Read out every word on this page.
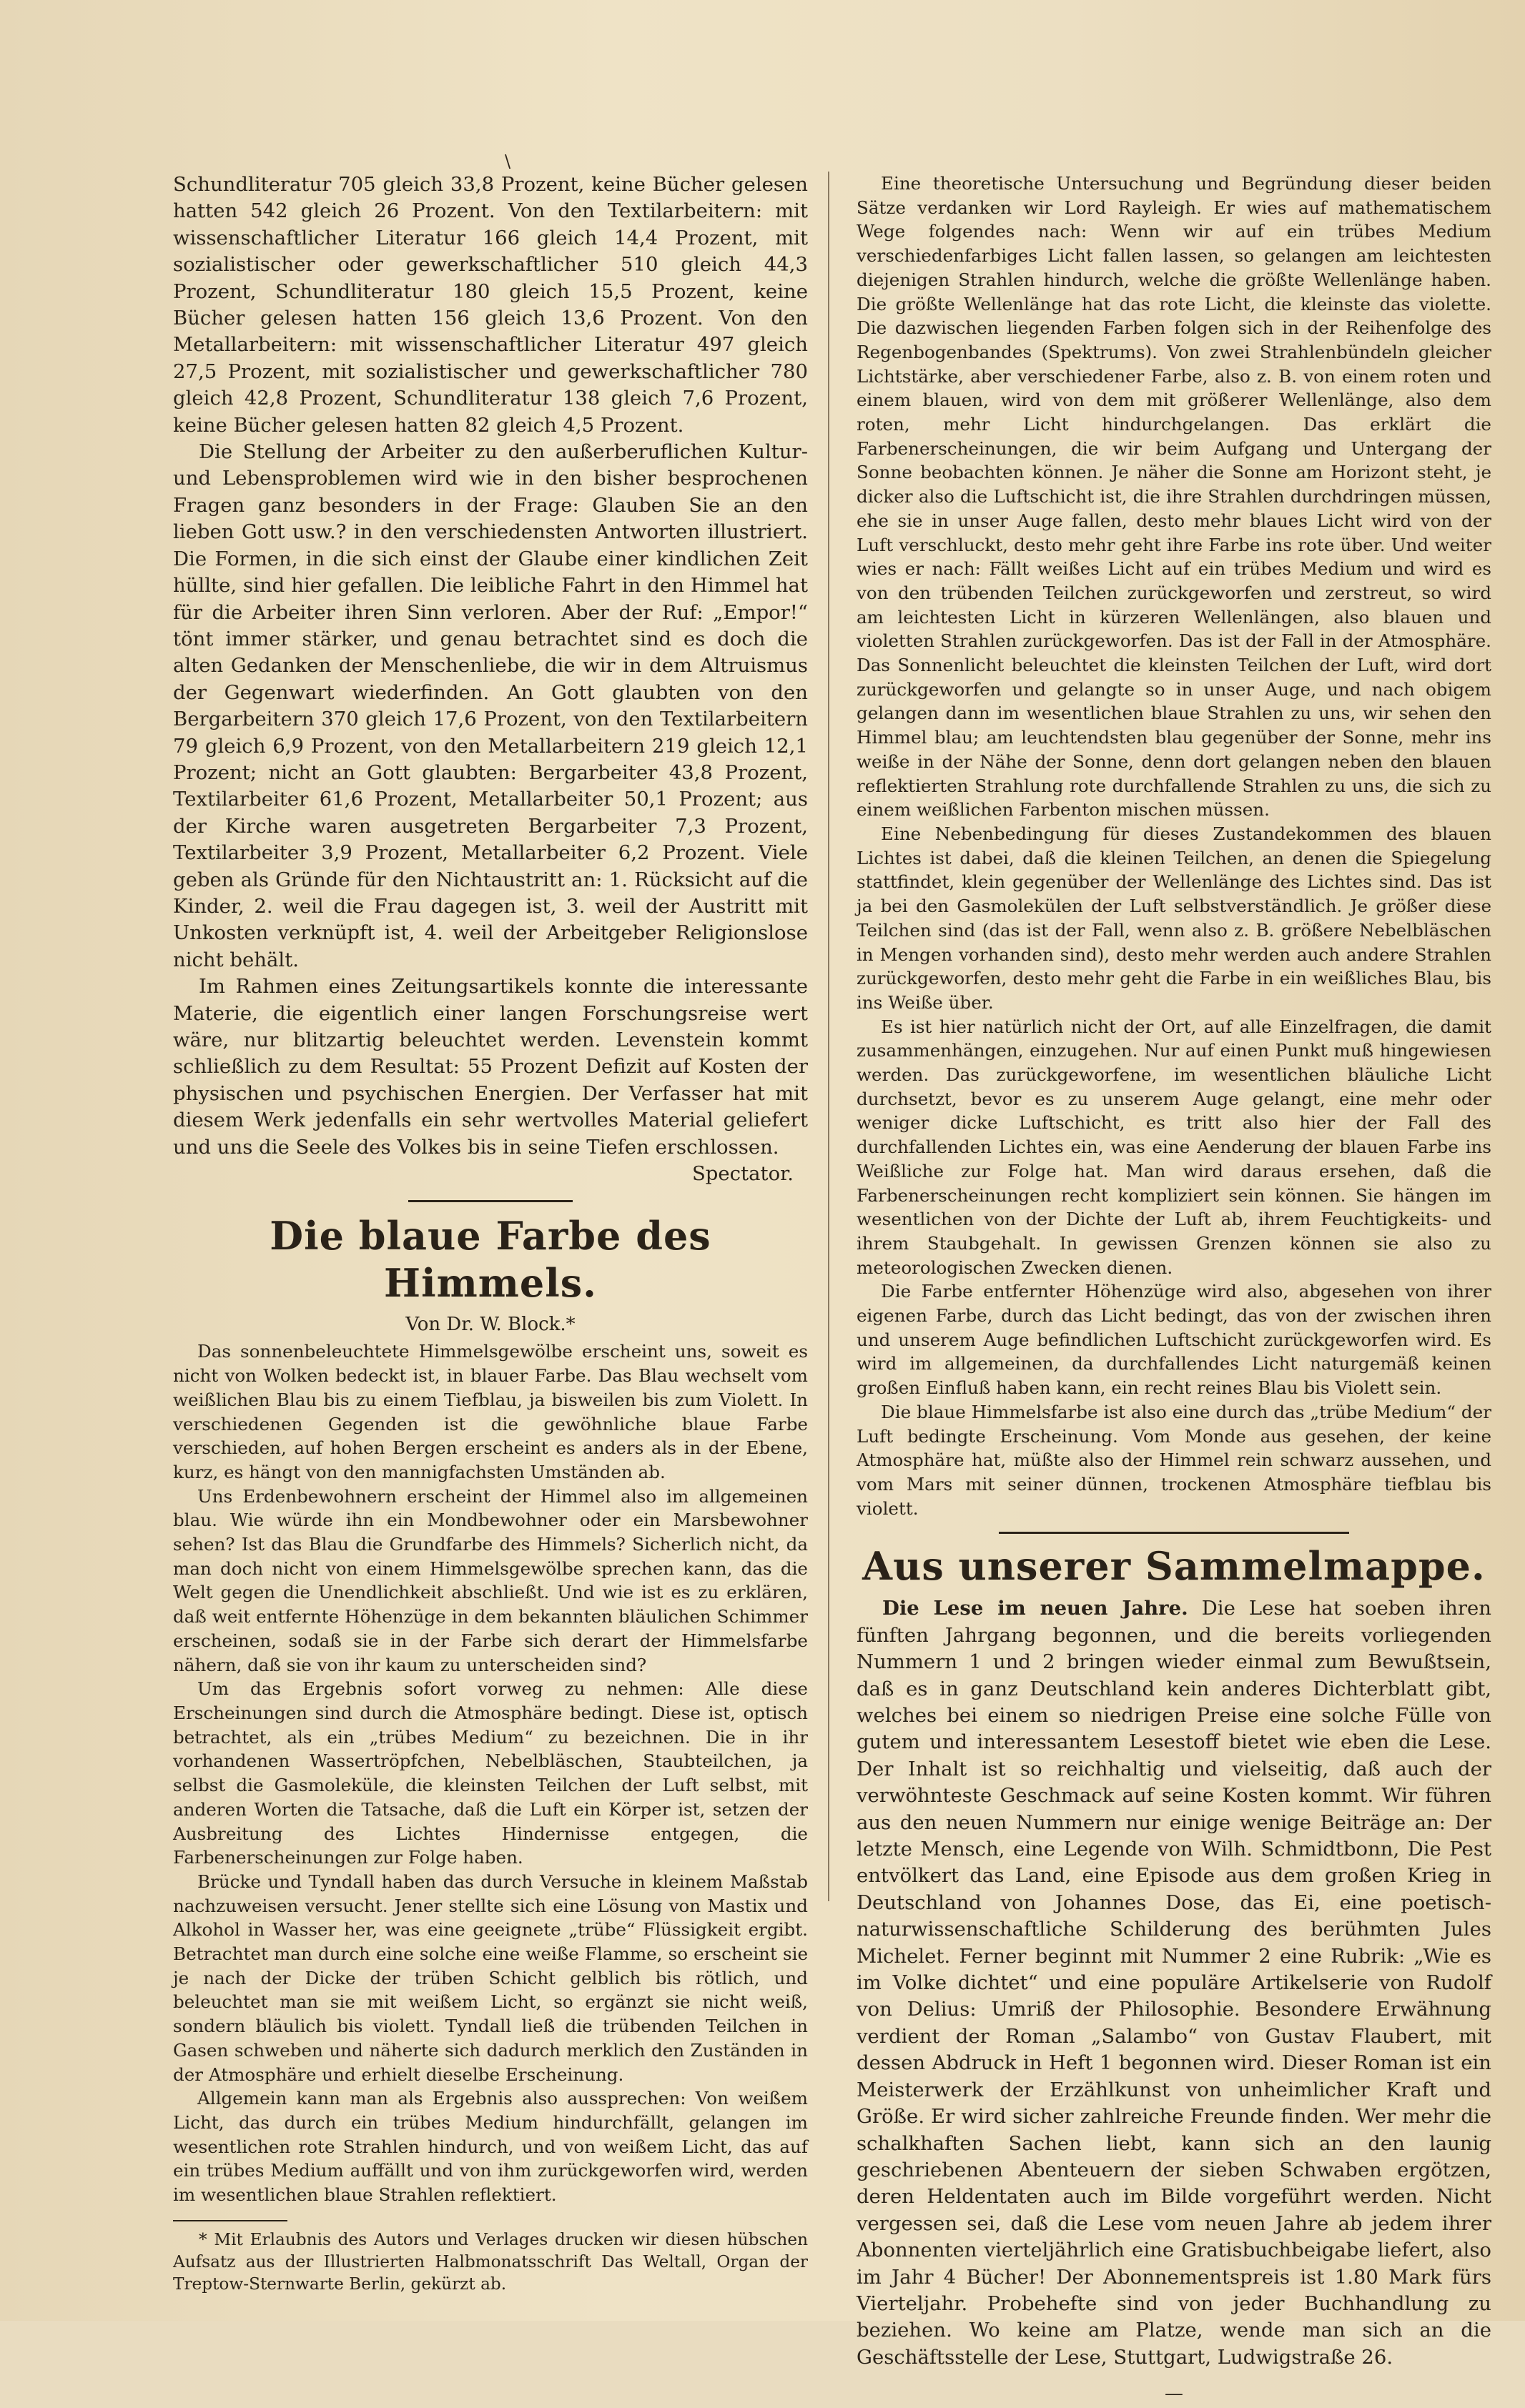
\

Schundliteratur 705 gleich 33,8 Prozent, keine Bücher gelesen hatten 542 gleich 26 Prozent. Von den Textilarbeitern: mit wissenschaftlicher Literatur 166 gleich 14,4 Prozent, mit sozialistischer oder gewerkschaftlicher 510 gleich 44,3 Prozent, Schundliteratur 180 gleich 15,5 Prozent, keine Bücher gelesen hatten 156 gleich 13,6 Prozent. Von den Metallarbeitern: mit wissenschaftlicher Literatur 497 gleich 27,5 Prozent, mit sozialistischer und gewerkschaftlicher 780 gleich 42,8 Prozent, Schundliteratur 138 gleich 7,6 Prozent, keine Bücher gelesen hatten 82 gleich 4,5 Prozent.

Die Stellung der Arbeiter zu den außerberuflichen Kultur- und Lebensproblemen wird wie in den bisher besprochenen Fragen ganz besonders in der Frage: Glauben Sie an den lieben Gott usw.? in den verschiedensten Antworten illustriert. Die Formen, in die sich einst der Glaube einer kindlichen Zeit hüllte, sind hier gefallen. Die leibliche Fahrt in den Himmel hat für die Arbeiter ihren Sinn verloren. Aber der Ruf: „Empor!“ tönt immer stärker, und genau betrachtet sind es doch die alten Gedanken der Menschenliebe, die wir in dem Altruismus der Gegenwart wiederfinden. An Gott glaubten von den Bergarbeitern 370 gleich 17,6 Prozent, von den Textilarbeitern 79 gleich 6,9 Prozent, von den Metallarbeitern 219 gleich 12,1 Prozent; nicht an Gott glaubten: Bergarbeiter 43,8 Prozent, Textilarbeiter 61,6 Prozent, Metallarbeiter 50,1 Prozent; aus der Kirche waren ausgetreten Bergarbeiter 7,3 Prozent, Textilarbeiter 3,9 Prozent, Metallarbeiter 6,2 Prozent. Viele geben als Gründe für den Nichtaustritt an: 1. Rücksicht auf die Kinder, 2. weil die Frau dagegen ist, 3. weil der Austritt mit Unkosten verknüpft ist, 4. weil der Arbeitgeber Religionslose nicht behält.

Im Rahmen eines Zeitungsartikels konnte die interessante Materie, die eigentlich einer langen Forschungsreise wert wäre, nur blitzartig beleuchtet werden. Levenstein kommt schließlich zu dem Resultat: 55 Prozent Defizit auf Kosten der physischen und psychischen Energien. Der Verfasser hat mit diesem Werk jedenfalls ein sehr wertvolles Material geliefert und uns die Seele des Volkes bis in seine Tiefen erschlossen.

Spectator.
Die blaue Farbe des Himmels.
Von Dr. W. Block.*

Das sonnenbeleuchtete Himmelsgewölbe erscheint uns, soweit es nicht von Wolken bedeckt ist, in blauer Farbe. Das Blau wechselt vom weißlichen Blau bis zu einem Tiefblau, ja bisweilen bis zum Violett. In verschiedenen Gegenden ist die gewöhnliche blaue Farbe verschieden, auf hohen Bergen erscheint es anders als in der Ebene, kurz, es hängt von den mannigfachsten Umständen ab.

Uns Erdenbewohnern erscheint der Himmel also im allgemeinen blau. Wie würde ihn ein Mondbewohner oder ein Marsbewohner sehen? Ist das Blau die Grundfarbe des Himmels? Sicherlich nicht, da man doch nicht von einem Himmelsgewölbe sprechen kann, das die Welt gegen die Unendlichkeit abschließt. Und wie ist es zu erklären, daß weit entfernte Höhenzüge in dem bekannten bläulichen Schimmer erscheinen, sodaß sie in der Farbe sich derart der Himmelsfarbe nähern, daß sie von ihr kaum zu unterscheiden sind?

Um das Ergebnis sofort vorweg zu nehmen: Alle diese Erscheinungen sind durch die Atmosphäre bedingt. Diese ist, optisch betrachtet, als ein „trübes Medium“ zu bezeichnen. Die in ihr vorhandenen Wassertröpfchen, Nebelbläschen, Staubteilchen, ja selbst die Gasmoleküle, die kleinsten Teilchen der Luft selbst, mit anderen Worten die Tatsache, daß die Luft ein Körper ist, setzen der Ausbreitung des Lichtes Hindernisse entgegen, die Farbenerscheinungen zur Folge haben.

Brücke und Tyndall haben das durch Versuche in kleinem Maßstab nachzuweisen versucht. Jener stellte sich eine Lösung von Mastix und Alkohol in Wasser her, was eine geeignete „trübe“ Flüssigkeit ergibt. Betrachtet man durch eine solche eine weiße Flamme, so erscheint sie je nach der Dicke der trüben Schicht gelblich bis rötlich, und beleuchtet man sie mit weißem Licht, so ergänzt sie nicht weiß, sondern bläulich bis violett. Tyndall ließ die trübenden Teilchen in Gasen schweben und näherte sich dadurch merklich den Zuständen in der Atmosphäre und erhielt dieselbe Erscheinung.

Allgemein kann man als Ergebnis also aussprechen: Von weißem Licht, das durch ein trübes Medium hindurchfällt, gelangen im wesentlichen rote Strahlen hindurch, und von weißem Licht, das auf ein trübes Medium auffällt und von ihm zurückgeworfen wird, werden im wesentlichen blaue Strahlen reflektiert.

* Mit Erlaubnis des Autors und Verlages drucken wir diesen hübschen Aufsatz aus der Illustrierten Halbmonatsschrift Das Weltall, Organ der Treptow-Sternwarte Berlin, gekürzt ab.

Eine theoretische Untersuchung und Begründung dieser beiden Sätze verdanken wir Lord Rayleigh. Er wies auf mathematischem Wege folgendes nach: Wenn wir auf ein trübes Medium verschiedenfarbiges Licht fallen lassen, so gelangen am leichtesten diejenigen Strahlen hindurch, welche die größte Wellenlänge haben. Die größte Wellenlänge hat das rote Licht, die kleinste das violette. Die dazwischen liegenden Farben folgen sich in der Reihenfolge des Regenbogenbandes (Spektrums). Von zwei Strahlenbündeln gleicher Lichtstärke, aber verschiedener Farbe, also z. B. von einem roten und einem blauen, wird von dem mit größerer Wellenlänge, also dem roten, mehr Licht hindurchgelangen. Das erklärt die Farbenerscheinungen, die wir beim Aufgang und Untergang der Sonne beobachten können. Je näher die Sonne am Horizont steht, je dicker also die Luftschicht ist, die ihre Strahlen durchdringen müssen, ehe sie in unser Auge fallen, desto mehr blaues Licht wird von der Luft verschluckt, desto mehr geht ihre Farbe ins rote über. Und weiter wies er nach: Fällt weißes Licht auf ein trübes Medium und wird es von den trübenden Teilchen zurückgeworfen und zerstreut, so wird am leichtesten Licht in kürzeren Wellenlängen, also blauen und violetten Strahlen zurückgeworfen. Das ist der Fall in der Atmosphäre. Das Sonnenlicht beleuchtet die kleinsten Teilchen der Luft, wird dort zurückgeworfen und gelangte so in unser Auge, und nach obigem gelangen dann im wesentlichen blaue Strahlen zu uns, wir sehen den Himmel blau; am leuchtendsten blau gegenüber der Sonne, mehr ins weiße in der Nähe der Sonne, denn dort gelangen neben den blauen reflektierten Strahlung rote durchfallende Strahlen zu uns, die sich zu einem weißlichen Farbenton mischen müssen.

Eine Nebenbedingung für dieses Zustandekommen des blauen Lichtes ist dabei, daß die kleinen Teilchen, an denen die Spiegelung stattfindet, klein gegenüber der Wellenlänge des Lichtes sind. Das ist ja bei den Gasmolekülen der Luft selbstverständlich. Je größer diese Teilchen sind (das ist der Fall, wenn also z. B. größere Nebelbläschen in Mengen vorhanden sind), desto mehr werden auch andere Strahlen zurückgeworfen, desto mehr geht die Farbe in ein weißliches Blau, bis ins Weiße über.

Es ist hier natürlich nicht der Ort, auf alle Einzelfragen, die damit zusammenhängen, einzugehen. Nur auf einen Punkt muß hingewiesen werden. Das zurückgeworfene, im wesentlichen bläuliche Licht durchsetzt, bevor es zu unserem Auge gelangt, eine mehr oder weniger dicke Luftschicht, es tritt also hier der Fall des durchfallenden Lichtes ein, was eine Aenderung der blauen Farbe ins Weißliche zur Folge hat. Man wird daraus ersehen, daß die Farbenerscheinungen recht kompliziert sein können. Sie hängen im wesentlichen von der Dichte der Luft ab, ihrem Feuchtigkeits- und ihrem Staubgehalt. In gewissen Grenzen können sie also zu meteorologischen Zwecken dienen.

Die Farbe entfernter Höhenzüge wird also, abgesehen von ihrer eigenen Farbe, durch das Licht bedingt, das von der zwischen ihren und unserem Auge befindlichen Luftschicht zurückgeworfen wird. Es wird im allgemeinen, da durchfallendes Licht naturgemäß keinen großen Einfluß haben kann, ein recht reines Blau bis Violett sein.

Die blaue Himmelsfarbe ist also eine durch das „trübe Medium“ der Luft bedingte Erscheinung. Vom Monde aus gesehen, der keine Atmosphäre hat, müßte also der Himmel rein schwarz aussehen, und vom Mars mit seiner dünnen, trockenen Atmosphäre tiefblau bis violett.

Aus unserer Sammelmappe.

Die Lese im neuen Jahre. Die Lese hat soeben ihren fünften Jahrgang begonnen, und die bereits vorliegenden Nummern 1 und 2 bringen wieder einmal zum Bewußtsein, daß es in ganz Deutschland kein anderes Dichterblatt gibt, welches bei einem so niedrigen Preise eine solche Fülle von gutem und interessantem Lesestoff bietet wie eben die Lese. Der Inhalt ist so reichhaltig und vielseitig, daß auch der verwöhnteste Geschmack auf seine Kosten kommt. Wir führen aus den neuen Nummern nur einige wenige Beiträge an: Der letzte Mensch, eine Legende von Wilh. Schmidtbonn, Die Pest entvölkert das Land, eine Episode aus dem großen Krieg in Deutschland von Johannes Dose, das Ei, eine poetisch-naturwissenschaftliche Schilderung des berühmten Jules Michelet. Ferner beginnt mit Nummer 2 eine Rubrik: „Wie es im Volke dichtet“ und eine populäre Artikelserie von Rudolf von Delius: Umriß der Philosophie. Besondere Erwähnung verdient der Roman „Salambo“ von Gustav Flaubert, mit dessen Abdruck in Heft 1 begonnen wird. Dieser Roman ist ein Meisterwerk der Erzählkunst von unheimlicher Kraft und Größe. Er wird sicher zahlreiche Freunde finden. Wer mehr die schalkhaften Sachen liebt, kann sich an den launig geschriebenen Abenteuern der sieben Schwaben ergötzen, deren Heldentaten auch im Bilde vorgeführt werden. Nicht vergessen sei, daß die Lese vom neuen Jahre ab jedem ihrer Abonnenten vierteljährlich eine Gratisbuchbeigabe liefert, also im Jahr 4 Bücher! Der Abonnementspreis ist 1.80 Mark fürs Vierteljahr. Probehefte sind von jeder Buchhandlung zu beziehen. Wo keine am Platze, wende man sich an die Geschäftsstelle der Lese, Stuttgart, Ludwigstraße 26.

—
